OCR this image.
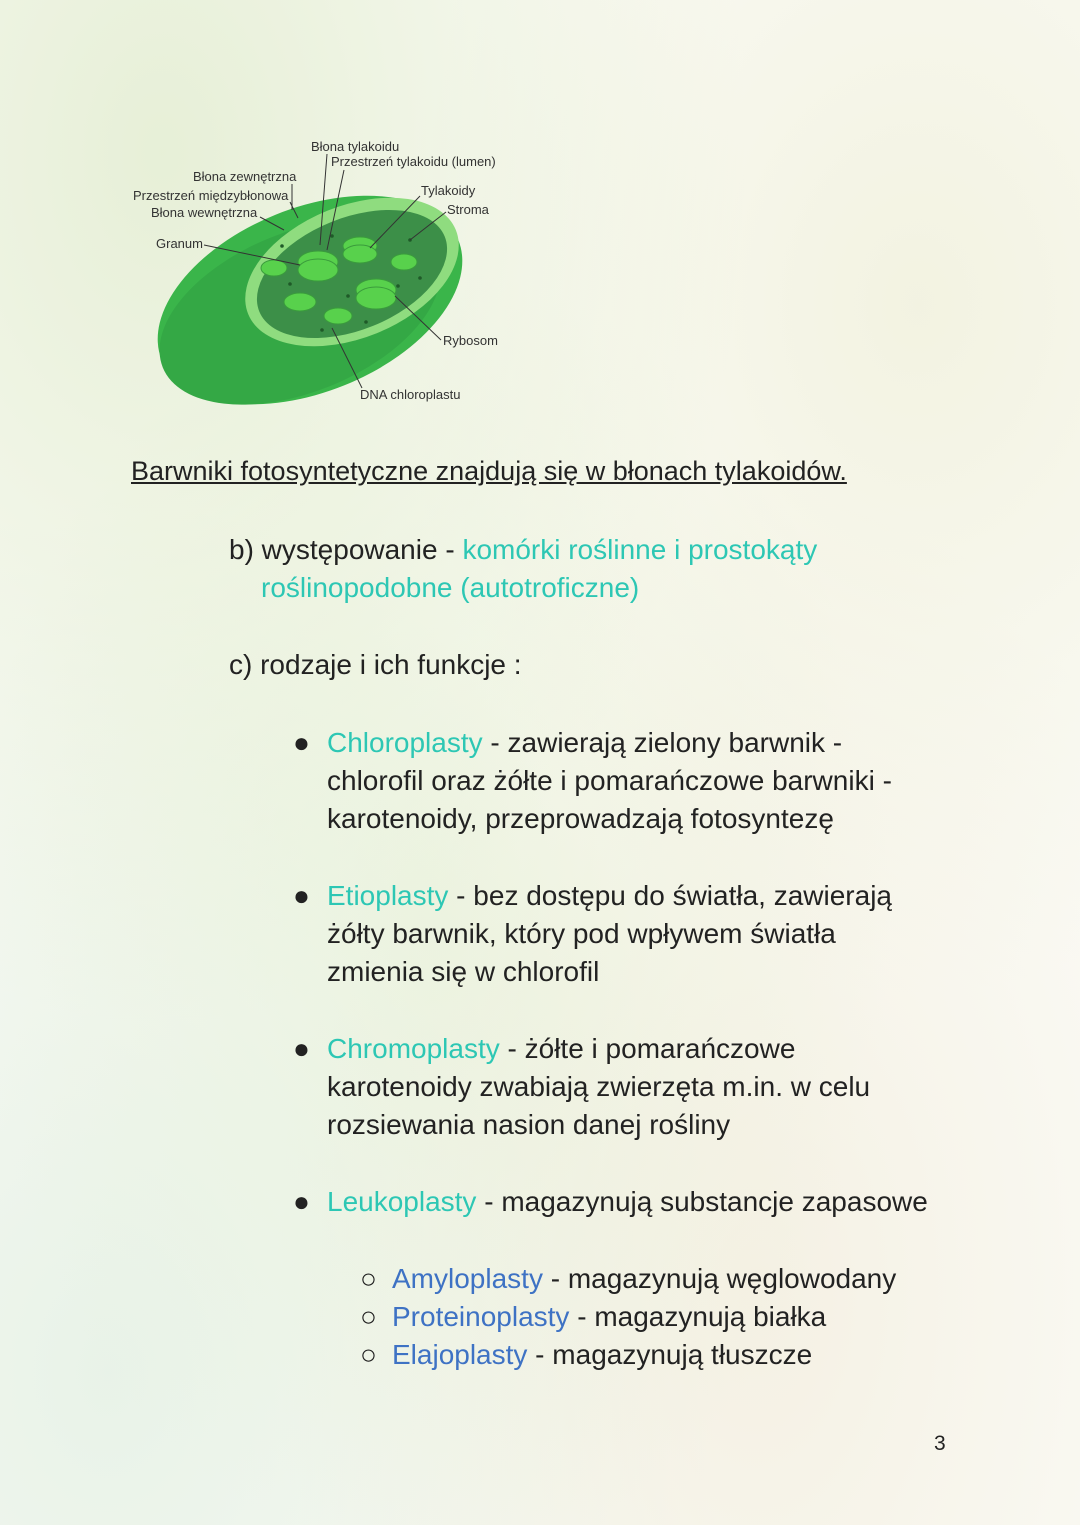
Błona tylakoidu
Przestrzeń tylakoidu (lumen)
Błona zewnętrzna
Przestrzeń międzybłonowa
Błona wewnętrzna
Tylakoidy
Stroma
Granum
Rybosom
DNA chloroplastu

Barwniki fotosyntetyczne znajdują się w błonach tylakoidów.

b) występowanie - komórki roślinne i prostokąty
roślinopodobne (autotroficzne)

c) rodzaje i ich funkcje :

● Chloroplasty - zawierają zielony barwnik -
chlorofil oraz żółte i pomarańczowe barwniki -
karotenoidy, przeprowadzają fotosyntezę
● Etioplasty - bez dostępu do światła, zawierają
żółty barwnik, który pod wpływem światła
zmienia się w chlorofil
● Chromoplasty - żółte i pomarańczowe
karotenoidy zwabiają zwierzęta m.in. w celu
rozsiewania nasion danej rośliny
● Leukoplasty - magazynują substancje zapasowe
○ Amyloplasty - magazynują węglowodany
○ Proteinoplasty - magazynują białka
○ Elajoplasty - magazynują tłuszcze
3
